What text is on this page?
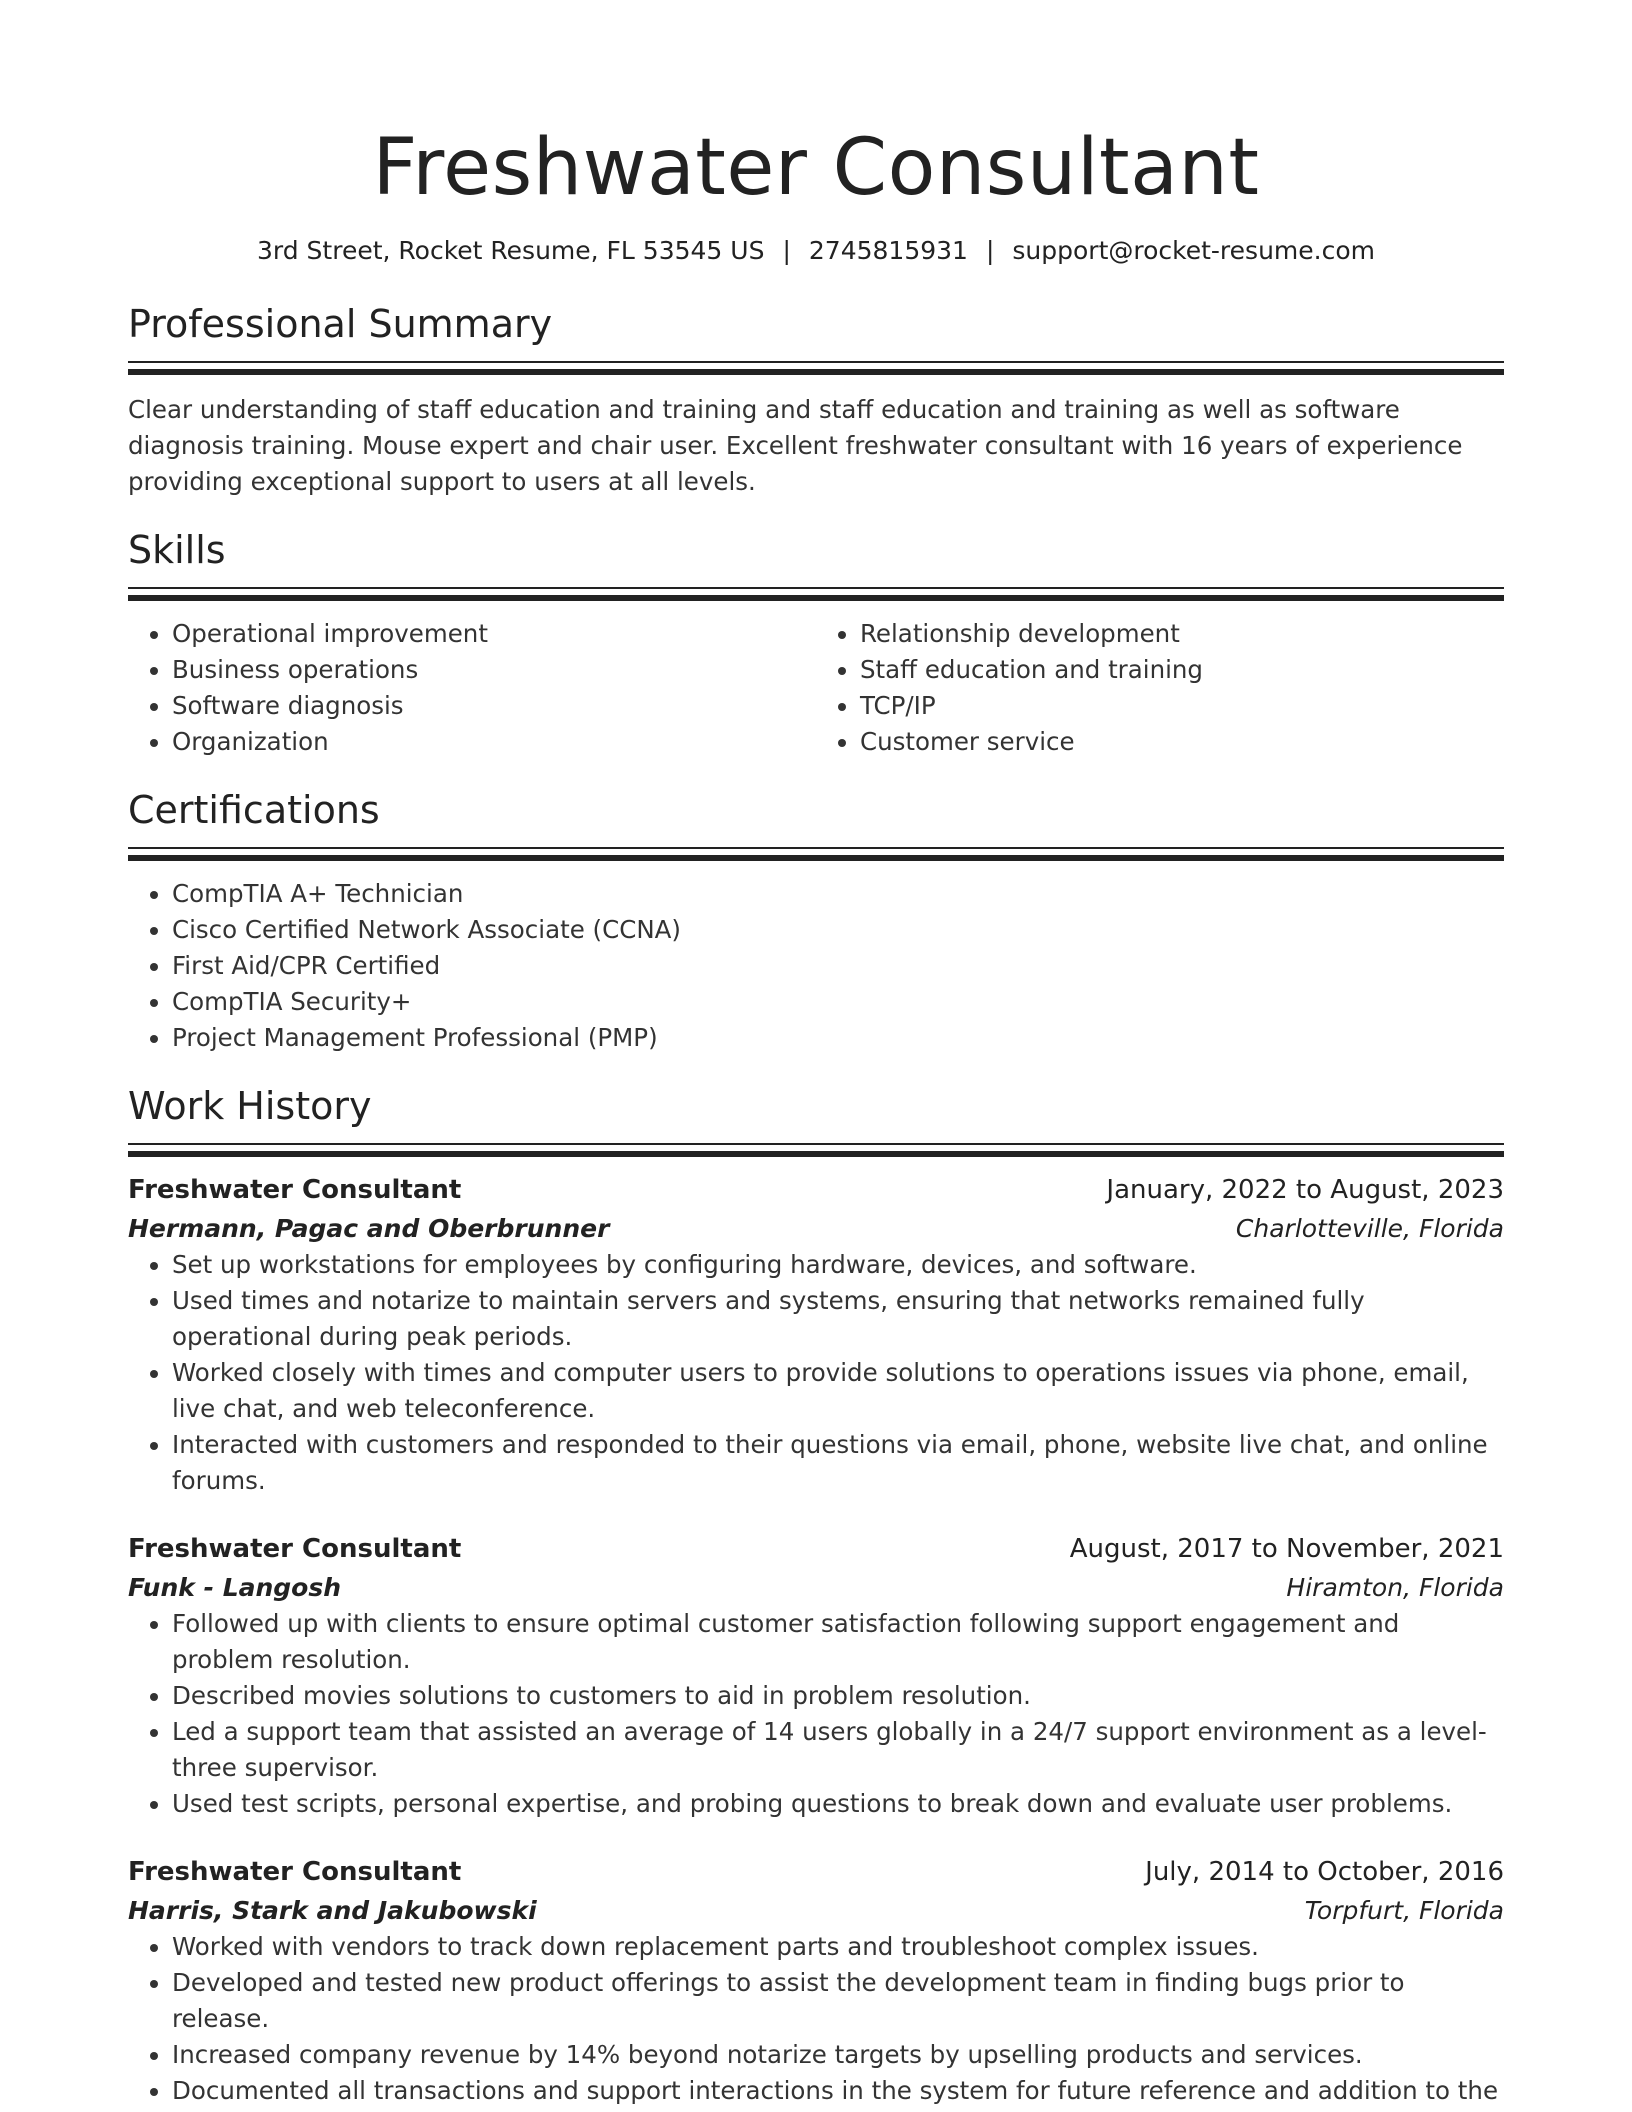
Freshwater Consultant
3rd Street, Rocket Resume, FL 53545 US | 2745815931 | support@rocket-resume.com
Professional Summary

Clear understanding of staff education and training and staff education and training as well as software diagnosis training. Mouse expert and chair user. Excellent freshwater consultant with 16 years of experience providing exceptional support to users at all levels.

Skills
• Operational improvement
• Business operations
• Software diagnosis
• Organization
• Relationship development
• Staff education and training
• TCP/IP
• Customer service
Certifications
• CompTIA A+ Technician
• Cisco Certified Network Associate (CCNA)
• First Aid/CPR Certified
• CompTIA Security+
• Project Management Professional (PMP)
Work History
Freshwater Consultant	January, 2022 to August, 2023
Hermann, Pagac and Oberbrunner	Charlotteville, Florida
• Set up workstations for employees by configuring hardware, devices, and software.
• Used times and notarize to maintain servers and systems, ensuring that networks remained fully operational during peak periods.
• Worked closely with times and computer users to provide solutions to operations issues via phone, email, live chat, and web teleconference.
• Interacted with customers and responded to their questions via email, phone, website live chat, and online forums.
Freshwater Consultant	August, 2017 to November, 2021
Funk - Langosh	Hiramton, Florida
• Followed up with clients to ensure optimal customer satisfaction following support engagement and problem resolution.
• Described movies solutions to customers to aid in problem resolution.
• Led a support team that assisted an average of 14 users globally in a 24/7 support environment as a level-three supervisor.
• Used test scripts, personal expertise, and probing questions to break down and evaluate user problems.
Freshwater Consultant	July, 2014 to October, 2016
Harris, Stark and Jakubowski	Torpfurt, Florida
• Worked with vendors to track down replacement parts and troubleshoot complex issues.
• Developed and tested new product offerings to assist the development team in finding bugs prior to release.
• Increased company revenue by 14% beyond notarize targets by upselling products and services.
• Documented all transactions and support interactions in the system for future reference and addition to the
